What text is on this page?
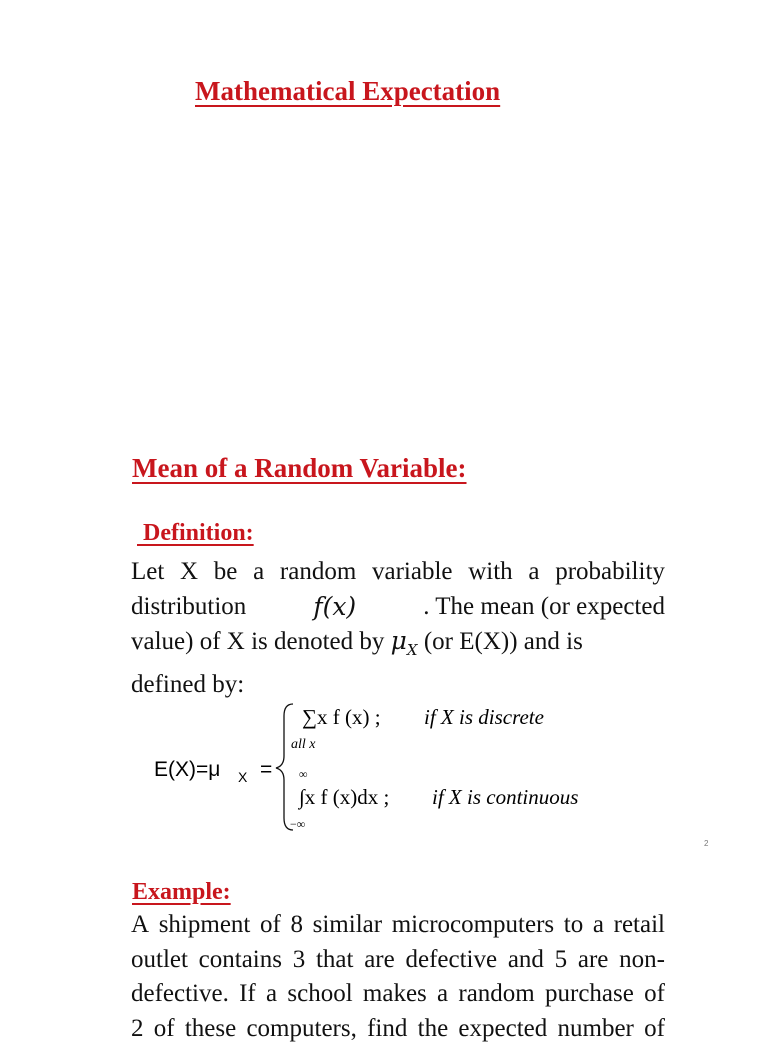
Mathematical Expectation
Mean of a Random Variable:
Definition:
Let X be a random variable with a probability
distribution	f(x)	. The mean (or expected
value) of X is denoted by $\mu_X$ (or E(X)) and is
defined by:
E(X)=μ X =
∑x f (x) ; if X is discrete
all x
∞
∫x f (x)dx ; if X is continuous
−∞
2
Example:
A shipment of 8 similar microcomputers to a retail
outlet contains 3 that are defective and 5 are non-
defective. If a school makes a random purchase of
2 of these computers, find the expected number of
